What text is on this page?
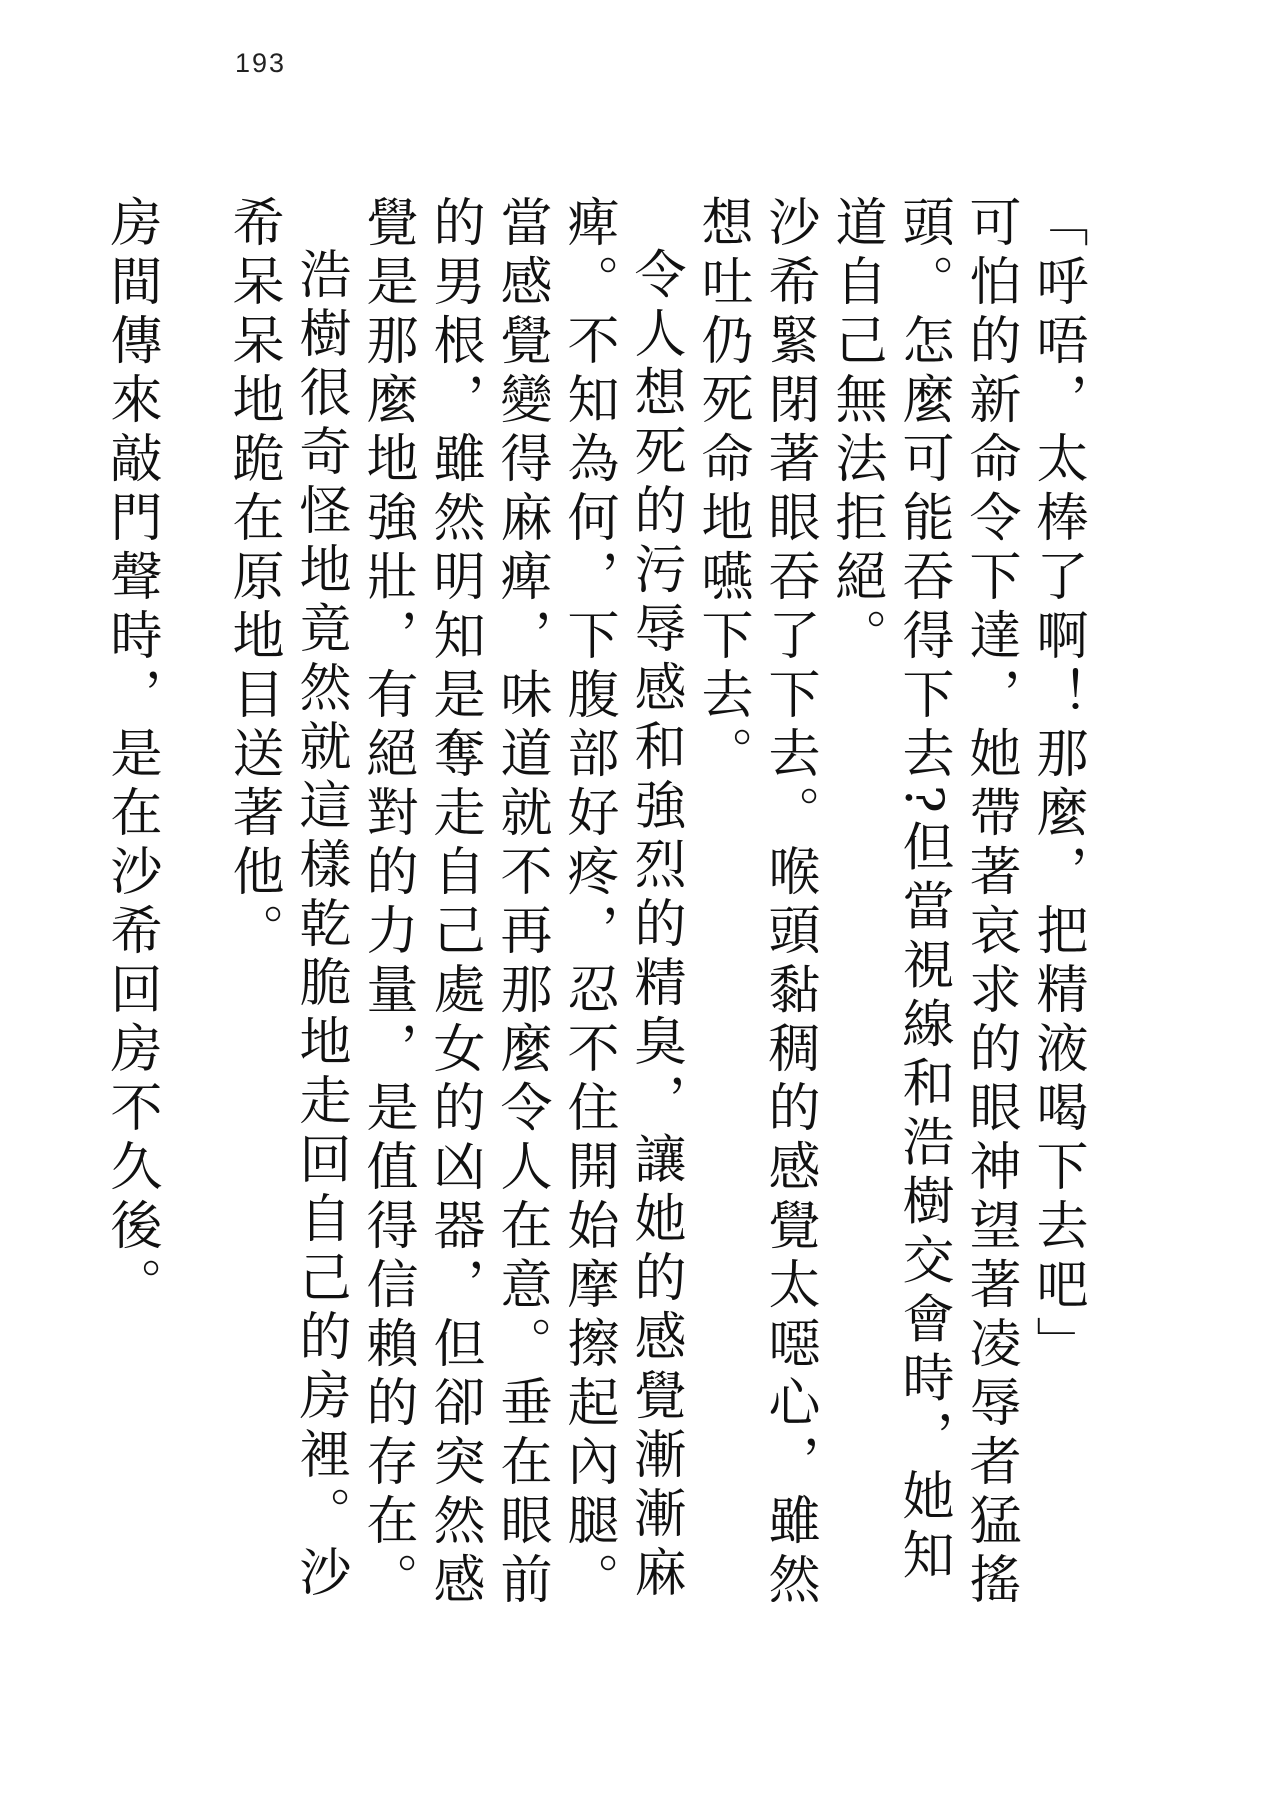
193

「呼唔，太棒了啊！那麼，把精液喝下去吧」

可怕的新命令下達，她帶著哀求的眼神望著凌辱者猛搖頭。怎麼可能吞得下去?但當視線和浩樹交會時，她知道自己無法拒絕。

沙希緊閉著眼吞了下去。喉頭黏稠的感覺太噁心，雖然想吐仍死命地嚥下去。

令人想死的污辱感和強烈的精臭，讓她的感覺漸漸麻痺。不知為何，下腹部好疼，忍不住開始摩擦起內腿。當感覺變得麻痺，味道就不再那麼令人在意。垂在眼前的男根，雖然明知是奪走自己處女的凶器，但卻突然感覺是那麼地強壯，有絕對的力量，是值得信賴的存在。

浩樹很奇怪地竟然就這樣乾脆地走回自己的房裡。沙希呆呆地跪在原地目送著他。

房間傳來敲門聲時，是在沙希回房不久後。
